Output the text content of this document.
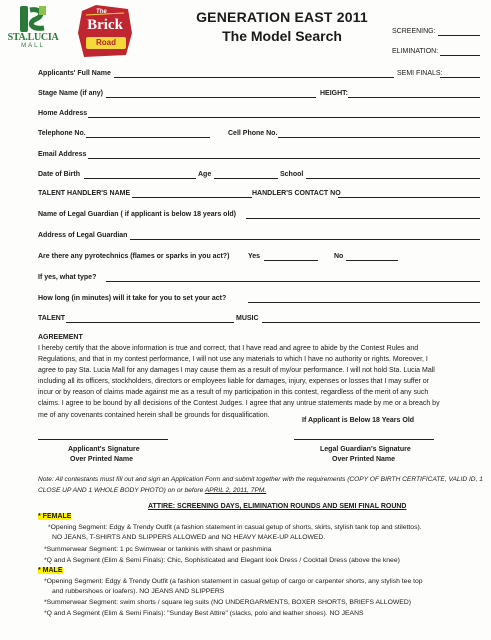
STA.LUCIA
MALL
The
Brick
Road
GENERATION EAST 2011
The Model Search	SCREENING:
ELIMINATION:
SEMI FINALS:
Applicants' Full Name
Stage Name (if any)	HEIGHT:
Home Address
Telephone No.	Cell Phone No.
Email Address
Date of Birth	Age	School
TALENT HANDLER'S NAME	HANDLER'S CONTACT NO
Name of Legal Guardian ( if applicant is below 18 years old)
Address of Legal Guardian
Are there any pyrotechnics (flames or sparks in you act?)	Yes	No
If yes, what type?
How long (in minutes) will it take for you to set your act?
TALENT	MUSIC
AGREEMENT
I hereby certify that the above information is true and correct, that I have read and agree to abide by the Contest Rules and
Regulations, and that in my contest performance, I will not use any materials to which I have no authority or rights. Moreover, I
agree to pay Sta. Lucia Mall for any damages I may cause them as a result of my/our performance. I will not hold Sta. Lucia Mall
including all its officers, stockholders, directors or employees liable for damages, injury, expenses or losses that I may suffer or
incur or by reason of claims made against me as a result of my participation in this contest, regardless of the merit of any such
claims. I agree to be bound by all decisions of the Contest Judges. I agree that any untrue statements made by me or a breach by
me of any covenants contained herein shall be grounds for disqualification.
If Applicant is Below 18 Years Old
Applicant's Signature
Over Printed Name
Legal Guardian's Signature
Over Printed Name
Note: All contestants must fill out and sign an Application Form and submit together with the requirements (COPY OF BIRTH CERTIFICATE, VALID ID, 1 CLOSE UP AND 1 WHOLE BODY PHOTO) on or before APRIL 2, 2011, 7PM.
ATTIRE: SCREENING DAYS, ELIMINATION ROUNDS AND SEMI FINAL ROUND
* FEMALE
*Opening Segment: Edgy & Trendy Outfit (a fashion statement in casual getup of shorts, skirts, stylish tank top and stilettos).
NO JEANS, T-SHIRTS AND SLIPPERS ALLOWED and NO HEAVY MAKE-UP ALLOWED.
*Summerwear Segment: 1 pc Swimwear or tankinis with shawl or pashmina
*Q and A Segment (Elim & Semi Finals): Chic, Sophisticated and Elegant look Dress / Cocktail Dress (above the knee)
* MALE
*Opening Segment: Edgy & Trendy Outfit (a fashion statement in casual getup of cargo or carpenter shorts, any stylish tee top
and rubbershoes or loafers). NO JEANS AND SLIPPERS
*Summerwear Segment: swim shorts / square leg suits (NO UNDERGARMENTS, BOXER SHORTS, BRIEFS ALLOWED)
*Q and A Segment (Elim & Semi Finals): "Sunday Best Attire" (slacks, polo and leather shoes). NO JEANS
